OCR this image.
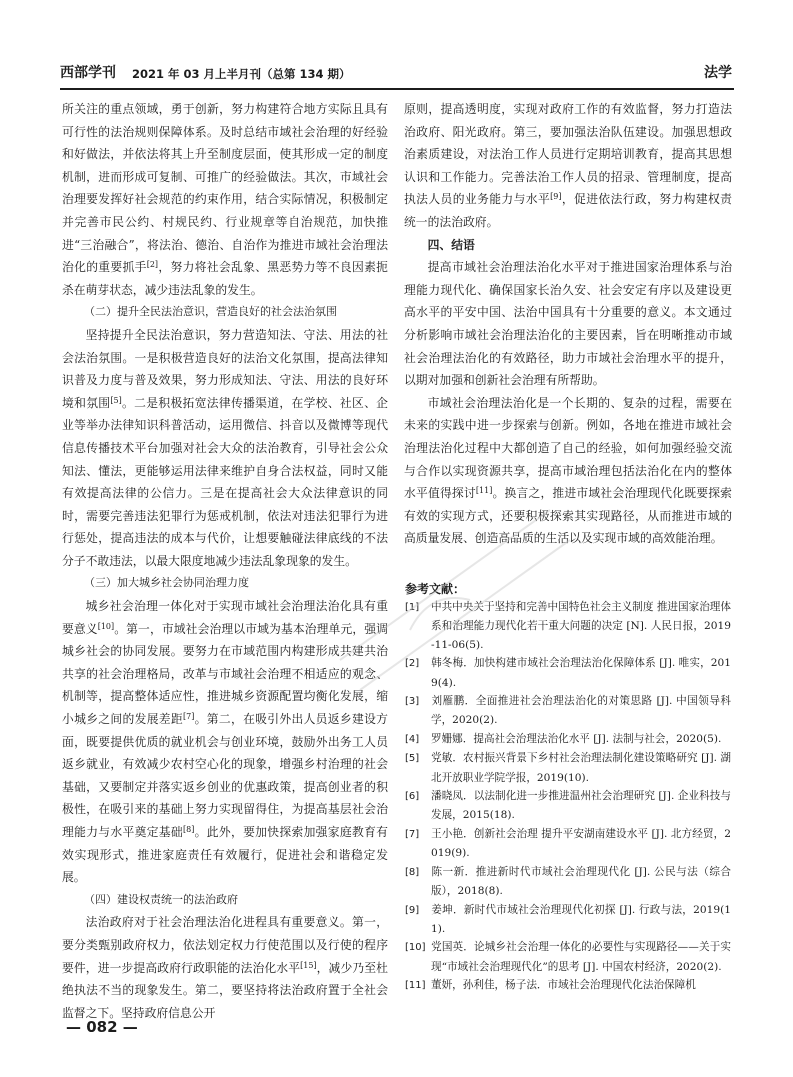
西部学刊 2021 年 03 月上半月刊（总第 134 期）	法学

所关注的重点领域，勇于创新，努力构建符合地方实际且具有可行性的法治规则保障体系。及时总结市域社会治理的好经验和好做法，并依法将其上升至制度层面，使其形成一定的制度机制，进而形成可复制、可推广的经验做法。其次，市域社会治理要发挥好社会规范的约束作用，结合实际情况，积极制定并完善市民公约、村规民约、行业规章等自治规范，加快推进“三治融合”，将法治、德治、自治作为推进市域社会治理法治化的重要抓手[2]，努力将社会乱象、黑恶势力等不良因素扼杀在萌芽状态，减少违法乱象的发生。

（二）提升全民法治意识，营造良好的社会法治氛围

坚持提升全民法治意识，努力营造知法、守法、用法的社会法治氛围。一是积极营造良好的法治文化氛围，提高法律知识普及力度与普及效果，努力形成知法、守法、用法的良好环境和氛围[5]。二是积极拓宽法律传播渠道，在学校、社区、企业等举办法律知识科普活动，运用微信、抖音以及微博等现代信息传播技术平台加强对社会大众的法治教育，引导社会公众知法、懂法，更能够运用法律来维护自身合法权益，同时又能有效提高法律的公信力。三是在提高社会大众法律意识的同时，需要完善违法犯罪行为惩戒机制，依法对违法犯罪行为进行惩处，提高违法的成本与代价，让想要触碰法律底线的不法分子不敢违法，以最大限度地减少违法乱象现象的发生。

（三）加大城乡社会协同治理力度

城乡社会治理一体化对于实现市域社会治理法治化具有重要意义[10]。第一，市域社会治理以市域为基本治理单元，强调城乡社会的协同发展。要努力在市域范围内构建形成共建共治共享的社会治理格局，改革与市域社会治理不相适应的观念、机制等，提高整体适应性，推进城乡资源配置均衡化发展，缩小城乡之间的发展差距[7]。第二，在吸引外出人员返乡建设方面，既要提供优质的就业机会与创业环境，鼓励外出务工人员返乡就业，有效减少农村空心化的现象，增强乡村治理的社会基础，又要制定并落实返乡创业的优惠政策，提高创业者的积极性，在吸引来的基础上努力实现留得住，为提高基层社会治理能力与水平奠定基础[8]。此外，要加快探索加强家庭教育有效实现形式，推进家庭责任有效履行，促进社会和谐稳定发展。

（四）建设权责统一的法治政府

法治政府对于社会治理法治化进程具有重要意义。第一，要分类甄别政府权力，依法划定权力行使范围以及行使的程序要件，进一步提高政府行政职能的法治化水平[15]，减少乃至杜绝执法不当的现象发生。第二，要坚持将法治政府置于全社会监督之下。坚持政府信息公开

原则，提高透明度，实现对政府工作的有效监督，努力打造法治政府、阳光政府。第三，要加强法治队伍建设。加强思想政治素质建设，对法治工作人员进行定期培训教育，提高其思想认识和工作能力。完善法治工作人员的招录、管理制度，提高执法人员的业务能力与水平[9]，促进依法行政，努力构建权责统一的法治政府。

四、结语

提高市域社会治理法治化水平对于推进国家治理体系与治理能力现代化、确保国家长治久安、社会安定有序以及建设更高水平的平安中国、法治中国具有十分重要的意义。本文通过分析影响市域社会治理法治化的主要因素，旨在明晰推动市域社会治理法治化的有效路径，助力市域社会治理水平的提升，以期对加强和创新社会治理有所帮助。

市域社会治理法治化是一个长期的、复杂的过程，需要在未来的实践中进一步探索与创新。例如，各地在推进市域社会治理法治化过程中大都创造了自己的经验，如何加强经验交流与合作以实现资源共享，提高市域治理包括法治化在内的整体水平值得探讨[11]。换言之，推进市域社会治理现代化既要探索有效的实现方式，还要积极探索其实现路径，从而推进市域的高质量发展、创造高品质的生活以及实现市域的高效能治理。

参考文献：
[1] 中共中央关于坚持和完善中国特色社会主义制度 推进国家治理体系和治理能力现代化若干重大问题的决定 [N]. 人民日报，2019-11-06(5).
[2] 韩冬梅．加快构建市域社会治理法治化保障体系 [J]. 唯实，2019(4).
[3] 刘雁鹏．全面推进社会治理法治化的对策思路 [J]. 中国领导科学，2020(2).
[4] 罗姗娜．提高社会治理法治化水平 [J]. 法制与社会，2020(5).
[5] 党敏．农村振兴背景下乡村社会治理法制化建设策略研究 [J]. 湖北开放职业学院学报，2019(10).
[6] 潘晓凤．以法制化进一步推进温州社会治理研究 [J]. 企业科技与发展，2015(18).
[7] 王小艳．创新社会治理 提升平安湖南建设水平 [J]. 北方经贸，2019(9).
[8] 陈一新．推进新时代市域社会治理现代化 [J]. 公民与法（综合版），2018(8).
[9] 姜坤．新时代市域社会治理现代化初探 [J]. 行政与法，2019(11).
[10] 党国英．论城乡社会治理一体化的必要性与实现路径——关于实现“市域社会治理现代化”的思考 [J]. 中国农村经济，2020(2).
[11] 董妍，孙利佳，杨子法．市域社会治理现代化法治保障机
— 082 —
